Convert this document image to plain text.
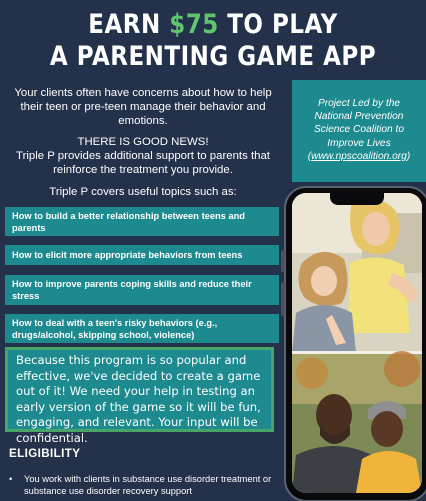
EARN $75 TO PLAY
A PARENTING GAME APP

Your clients often have concerns about how to help their teen or pre-teen manage their behavior and emotions.

THERE IS GOOD NEWS!
Triple P provides additional support to parents that reinforce the treatment you provide.

Triple P covers useful topics such as:

How to build a better relationship between teens and parents
How to elicit more appropriate behaviors from teens
How to improve parents coping skills and reduce their stress
How to deal with a teen's risky behaviors (e.g., drugs/alcohol, skipping school, violence)
Project Led by the National Prevention Science Coalition to Improve Lives (www.npscoalition.org)
Because this program is so popular and effective, we've decided to create a game out of it! We need your help in testing an early version of the game so it will be fun, engaging, and relevant. Your input will be confidential.
ELIGIBILITY
• You work with clients in substance use disorder treatment or substance use disorder recovery support
